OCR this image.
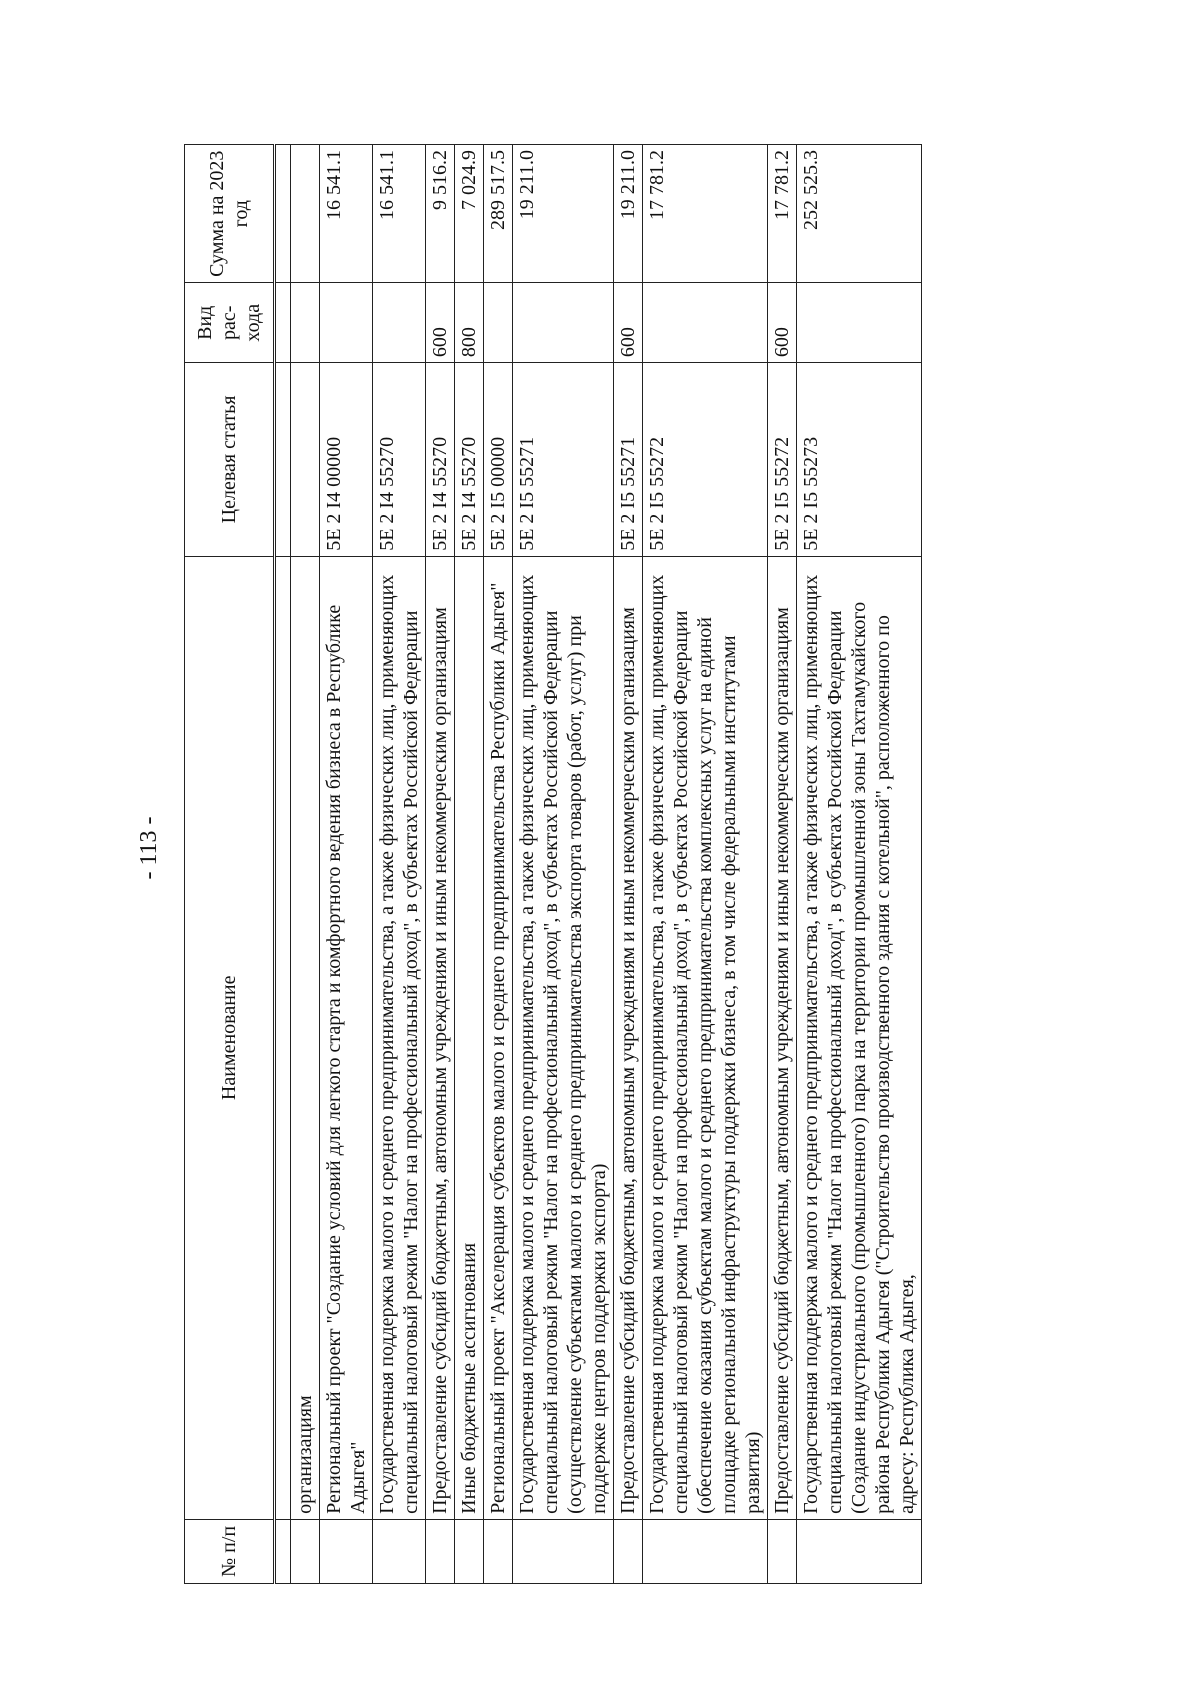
- 113 -
№ п/п	Наименование	Целевая статья	Вид рас-хода	Сумма на 2023 год

	организациям			
	Региональный проект "Создание условий для легкого старта и комфортного ведения бизнеса в Республике Адыгея"	5Е 2 I4 00000		16 541.1
	Государственная поддержка малого и среднего предпринимательства, а также физических лиц, применяющих специальный налоговый режим "Налог на профессиональный доход", в субъектах Российской Федерации	5Е 2 I4 55270		16 541.1
	Предоставление субсидий бюджетным, автономным учреждениям и иным некоммерческим организациям	5Е 2 I4 55270	600	9 516.2
	Иные бюджетные ассигнования	5Е 2 I4 55270	800	7 024.9
	Региональный проект "Акселерация субъектов малого и среднего предпринимательства Республики Адыгея"	5Е 2 I5 00000		289 517.5
	Государственная поддержка малого и среднего предпринимательства, а также физических лиц, применяющих специальный налоговый режим "Налог на профессиональный доход", в субъектах Российской Федерации (осуществление субъектами малого и среднего предпринимательства экспорта товаров (работ, услуг) при поддержке центров поддержки экспорта)	5Е 2 I5 55271		19 211.0
	Предоставление субсидий бюджетным, автономным учреждениям и иным некоммерческим организациям	5Е 2 I5 55271	600	19 211.0
	Государственная поддержка малого и среднего предпринимательства, а также физических лиц, применяющих специальный налоговый режим "Налог на профессиональный доход", в субъектах Российской Федерации (обеспечение оказания субъектам малого и среднего предпринимательства комплексных услуг на единой площадке региональной инфраструктуры поддержки бизнеса, в том числе федеральными институтами развития)	5Е 2 I5 55272		17 781.2
	Предоставление субсидий бюджетным, автономным учреждениям и иным некоммерческим организациям	5Е 2 I5 55272	600	17 781.2
	Государственная поддержка малого и среднего предпринимательства, а также физических лиц, применяющих специальный налоговый режим "Налог на профессиональный доход", в субъектах Российской Федерации (Создание индустриального (промышленного) парка на территории промышленной зоны Тахтамукайского района Республики Адыгея ("Строительство производственного здания с котельной", расположенного по адресу: Республика Адыгея,	5Е 2 I5 55273		252 525.3
